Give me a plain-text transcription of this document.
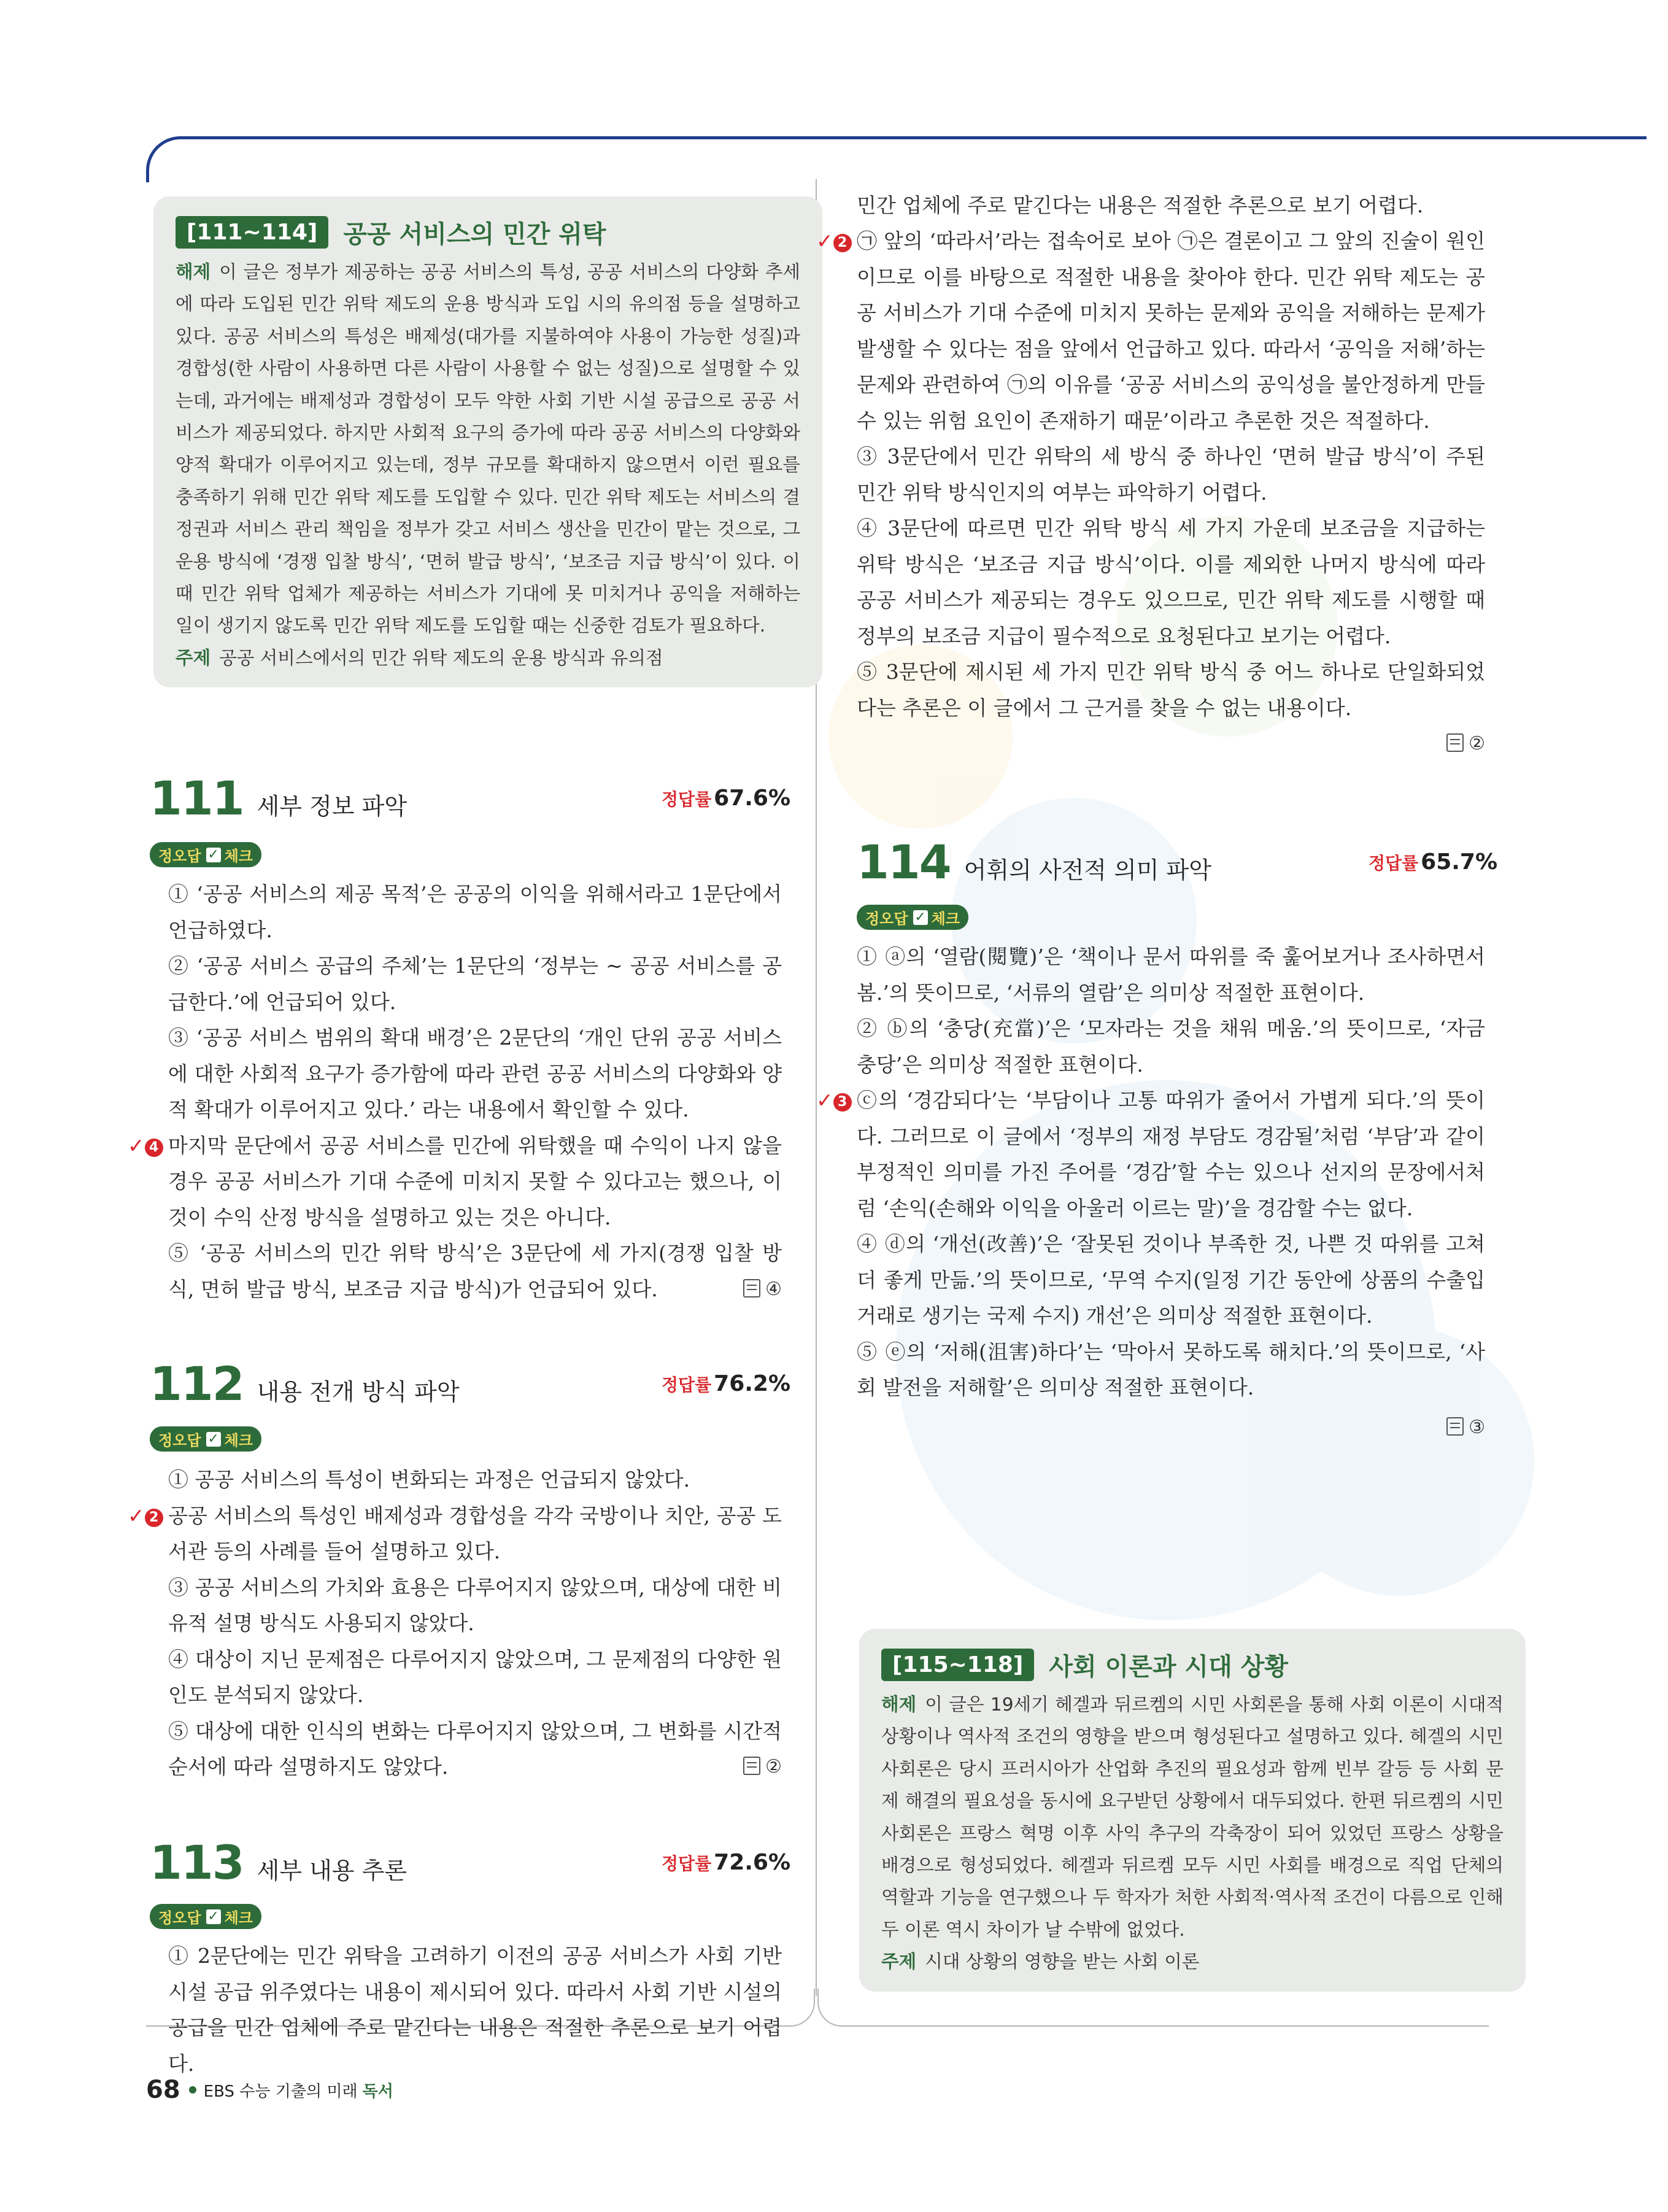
[111~114]	공공 서비스의 민간 위탁
해제 이 글은 정부가 제공하는 공공 서비스의 특성, 공공 서비스의 다양화 추세에 따라 도입된 민간 위탁 제도의 운용 방식과 도입 시의 유의점 등을 설명하고 있다. 공공 서비스의 특성은 배제성(대가를 지불하여야 사용이 가능한 성질)과 경합성(한 사람이 사용하면 다른 사람이 사용할 수 없는 성질)으로 설명할 수 있는데, 과거에는 배제성과 경합성이 모두 약한 사회 기반 시설 공급으로 공공 서비스가 제공되었다. 하지만 사회적 요구의 증가에 따라 공공 서비스의 다양화와 양적 확대가 이루어지고 있는데, 정부 규모를 확대하지 않으면서 이런 필요를 충족하기 위해 민간 위탁 제도를 도입할 수 있다. 민간 위탁 제도는 서비스의 결정권과 서비스 관리 책임을 정부가 갖고 서비스 생산을 민간이 맡는 것으로, 그 운용 방식에 ‘경쟁 입찰 방식’, ‘면허 발급 방식’, ‘보조금 지급 방식’이 있다. 이때 민간 위탁 업체가 제공하는 서비스가 기대에 못 미치거나 공익을 저해하는 일이 생기지 않도록 민간 위탁 제도를 도입할 때는 신중한 검토가 필요하다.
주제 공공 서비스에서의 민간 위탁 제도의 운용 방식과 유의점
111 세부 정보 파악	정답률 67.6%
정오답 ✓ 체크

① ‘공공 서비스의 제공 목적’은 공공의 이익을 위해서라고 1문단에서 언급하였다.

② ‘공공 서비스 공급의 주체’는 1문단의 ‘정부는 ~ 공공 서비스를 공급한다.’에 언급되어 있다.

③ ‘공공 서비스 범위의 확대 배경’은 2문단의 ‘개인 단위 공공 서비스에 대한 사회적 요구가 증가함에 따라 관련 공공 서비스의 다양화와 양적 확대가 이루어지고 있다.’ 라는 내용에서 확인할 수 있다.

✓ 4 마지막 문단에서 공공 서비스를 민간에 위탁했을 때 수익이 나지 않을 경우 공공 서비스가 기대 수준에 미치지 못할 수 있다고는 했으나, 이것이 수익 산정 방식을 설명하고 있는 것은 아니다.

⑤ ‘공공 서비스의 민간 위탁 방식’은 3문단에 세 가지(경쟁 입찰 방식, 면허 발급 방식, 보조금 지급 방식)가 언급되어 있다.	④

112 내용 전개 방식 파악	정답률 76.2%
정오답 ✓ 체크

① 공공 서비스의 특성이 변화되는 과정은 언급되지 않았다.

✓ 2 공공 서비스의 특성인 배제성과 경합성을 각각 국방이나 치안, 공공 도서관 등의 사례를 들어 설명하고 있다.

③ 공공 서비스의 가치와 효용은 다루어지지 않았으며, 대상에 대한 비유적 설명 방식도 사용되지 않았다.

④ 대상이 지닌 문제점은 다루어지지 않았으며, 그 문제점의 다양한 원인도 분석되지 않았다.

⑤ 대상에 대한 인식의 변화는 다루어지지 않았으며, 그 변화를 시간적 순서에 따라 설명하지도 않았다.	②

113 세부 내용 추론	정답률 72.6%
정오답 ✓ 체크

① 2문단에는 민간 위탁을 고려하기 이전의 공공 서비스가 사회 기반 시설 공급 위주였다는 내용이 제시되어 있다. 따라서 사회 기반 시설의 공급을 민간 업체에 주로 맡긴다는 내용은 적절한 추론으로 보기 어렵다.

민간 업체에 주로 맡긴다는 내용은 적절한 추론으로 보기 어렵다.

✓ 2 ㉠ 앞의 ‘따라서’라는 접속어로 보아 ㉠은 결론이고 그 앞의 진술이 원인이므로 이를 바탕으로 적절한 내용을 찾아야 한다. 민간 위탁 제도는 공공 서비스가 기대 수준에 미치지 못하는 문제와 공익을 저해하는 문제가 발생할 수 있다는 점을 앞에서 언급하고 있다. 따라서 ‘공익을 저해’하는 문제와 관련하여 ㉠의 이유를 ‘공공 서비스의 공익성을 불안정하게 만들 수 있는 위험 요인이 존재하기 때문’이라고 추론한 것은 적절하다.

③ 3문단에서 민간 위탁의 세 방식 중 하나인 ‘면허 발급 방식’이 주된 민간 위탁 방식인지의 여부는 파악하기 어렵다.

④ 3문단에 따르면 민간 위탁 방식 세 가지 가운데 보조금을 지급하는 위탁 방식은 ‘보조금 지급 방식’이다. 이를 제외한 나머지 방식에 따라 공공 서비스가 제공되는 경우도 있으므로, 민간 위탁 제도를 시행할 때 정부의 보조금 지급이 필수적으로 요청된다고 보기는 어렵다.

⑤ 3문단에 제시된 세 가지 민간 위탁 방식 중 어느 하나로 단일화되었다는 추론은 이 글에서 그 근거를 찾을 수 없는 내용이다.

②

114 어휘의 사전적 의미 파악	정답률 65.7%
정오답 ✓ 체크

① ⓐ의 ‘열람(閱覽)’은 ‘책이나 문서 따위를 죽 훑어보거나 조사하면서 봄.’의 뜻이므로, ‘서류의 열람’은 의미상 적절한 표현이다.

② ⓑ의 ‘충당(充當)’은 ‘모자라는 것을 채워 메움.’의 뜻이므로, ‘자금 충당’은 의미상 적절한 표현이다.

✓ 3 ⓒ의 ‘경감되다’는 ‘부담이나 고통 따위가 줄어서 가볍게 되다.’의 뜻이다. 그러므로 이 글에서 ‘정부의 재정 부담도 경감될’처럼 ‘부담’과 같이 부정적인 의미를 가진 주어를 ‘경감’할 수는 있으나 선지의 문장에서처럼 ‘손익(손해와 이익을 아울러 이르는 말)’을 경감할 수는 없다.

④ ⓓ의 ‘개선(改善)’은 ‘잘못된 것이나 부족한 것, 나쁜 것 따위를 고쳐 더 좋게 만듦.’의 뜻이므로, ‘무역 수지(일정 기간 동안에 상품의 수출입 거래로 생기는 국제 수지) 개선’은 의미상 적절한 표현이다.

⑤ ⓔ의 ‘저해(沮害)하다’는 ‘막아서 못하도록 해치다.’의 뜻이므로, ‘사회 발전을 저해할’은 의미상 적절한 표현이다.

③

[115~118]	사회 이론과 시대 상황
해제 이 글은 19세기 헤겔과 뒤르켐의 시민 사회론을 통해 사회 이론이 시대적 상황이나 역사적 조건의 영향을 받으며 형성된다고 설명하고 있다. 헤겔의 시민 사회론은 당시 프러시아가 산업화 추진의 필요성과 함께 빈부 갈등 등 사회 문제 해결의 필요성을 동시에 요구받던 상황에서 대두되었다. 한편 뒤르켐의 시민 사회론은 프랑스 혁명 이후 사익 추구의 각축장이 되어 있었던 프랑스 상황을 배경으로 형성되었다. 헤겔과 뒤르켐 모두 시민 사회를 배경으로 직업 단체의 역할과 기능을 연구했으나 두 학자가 처한 사회적·역사적 조건이 다름으로 인해 두 이론 역시 차이가 날 수밖에 없었다.
주제 시대 상황의 영향을 받는 사회 이론
68 EBS 수능 기출의 미래 독서
